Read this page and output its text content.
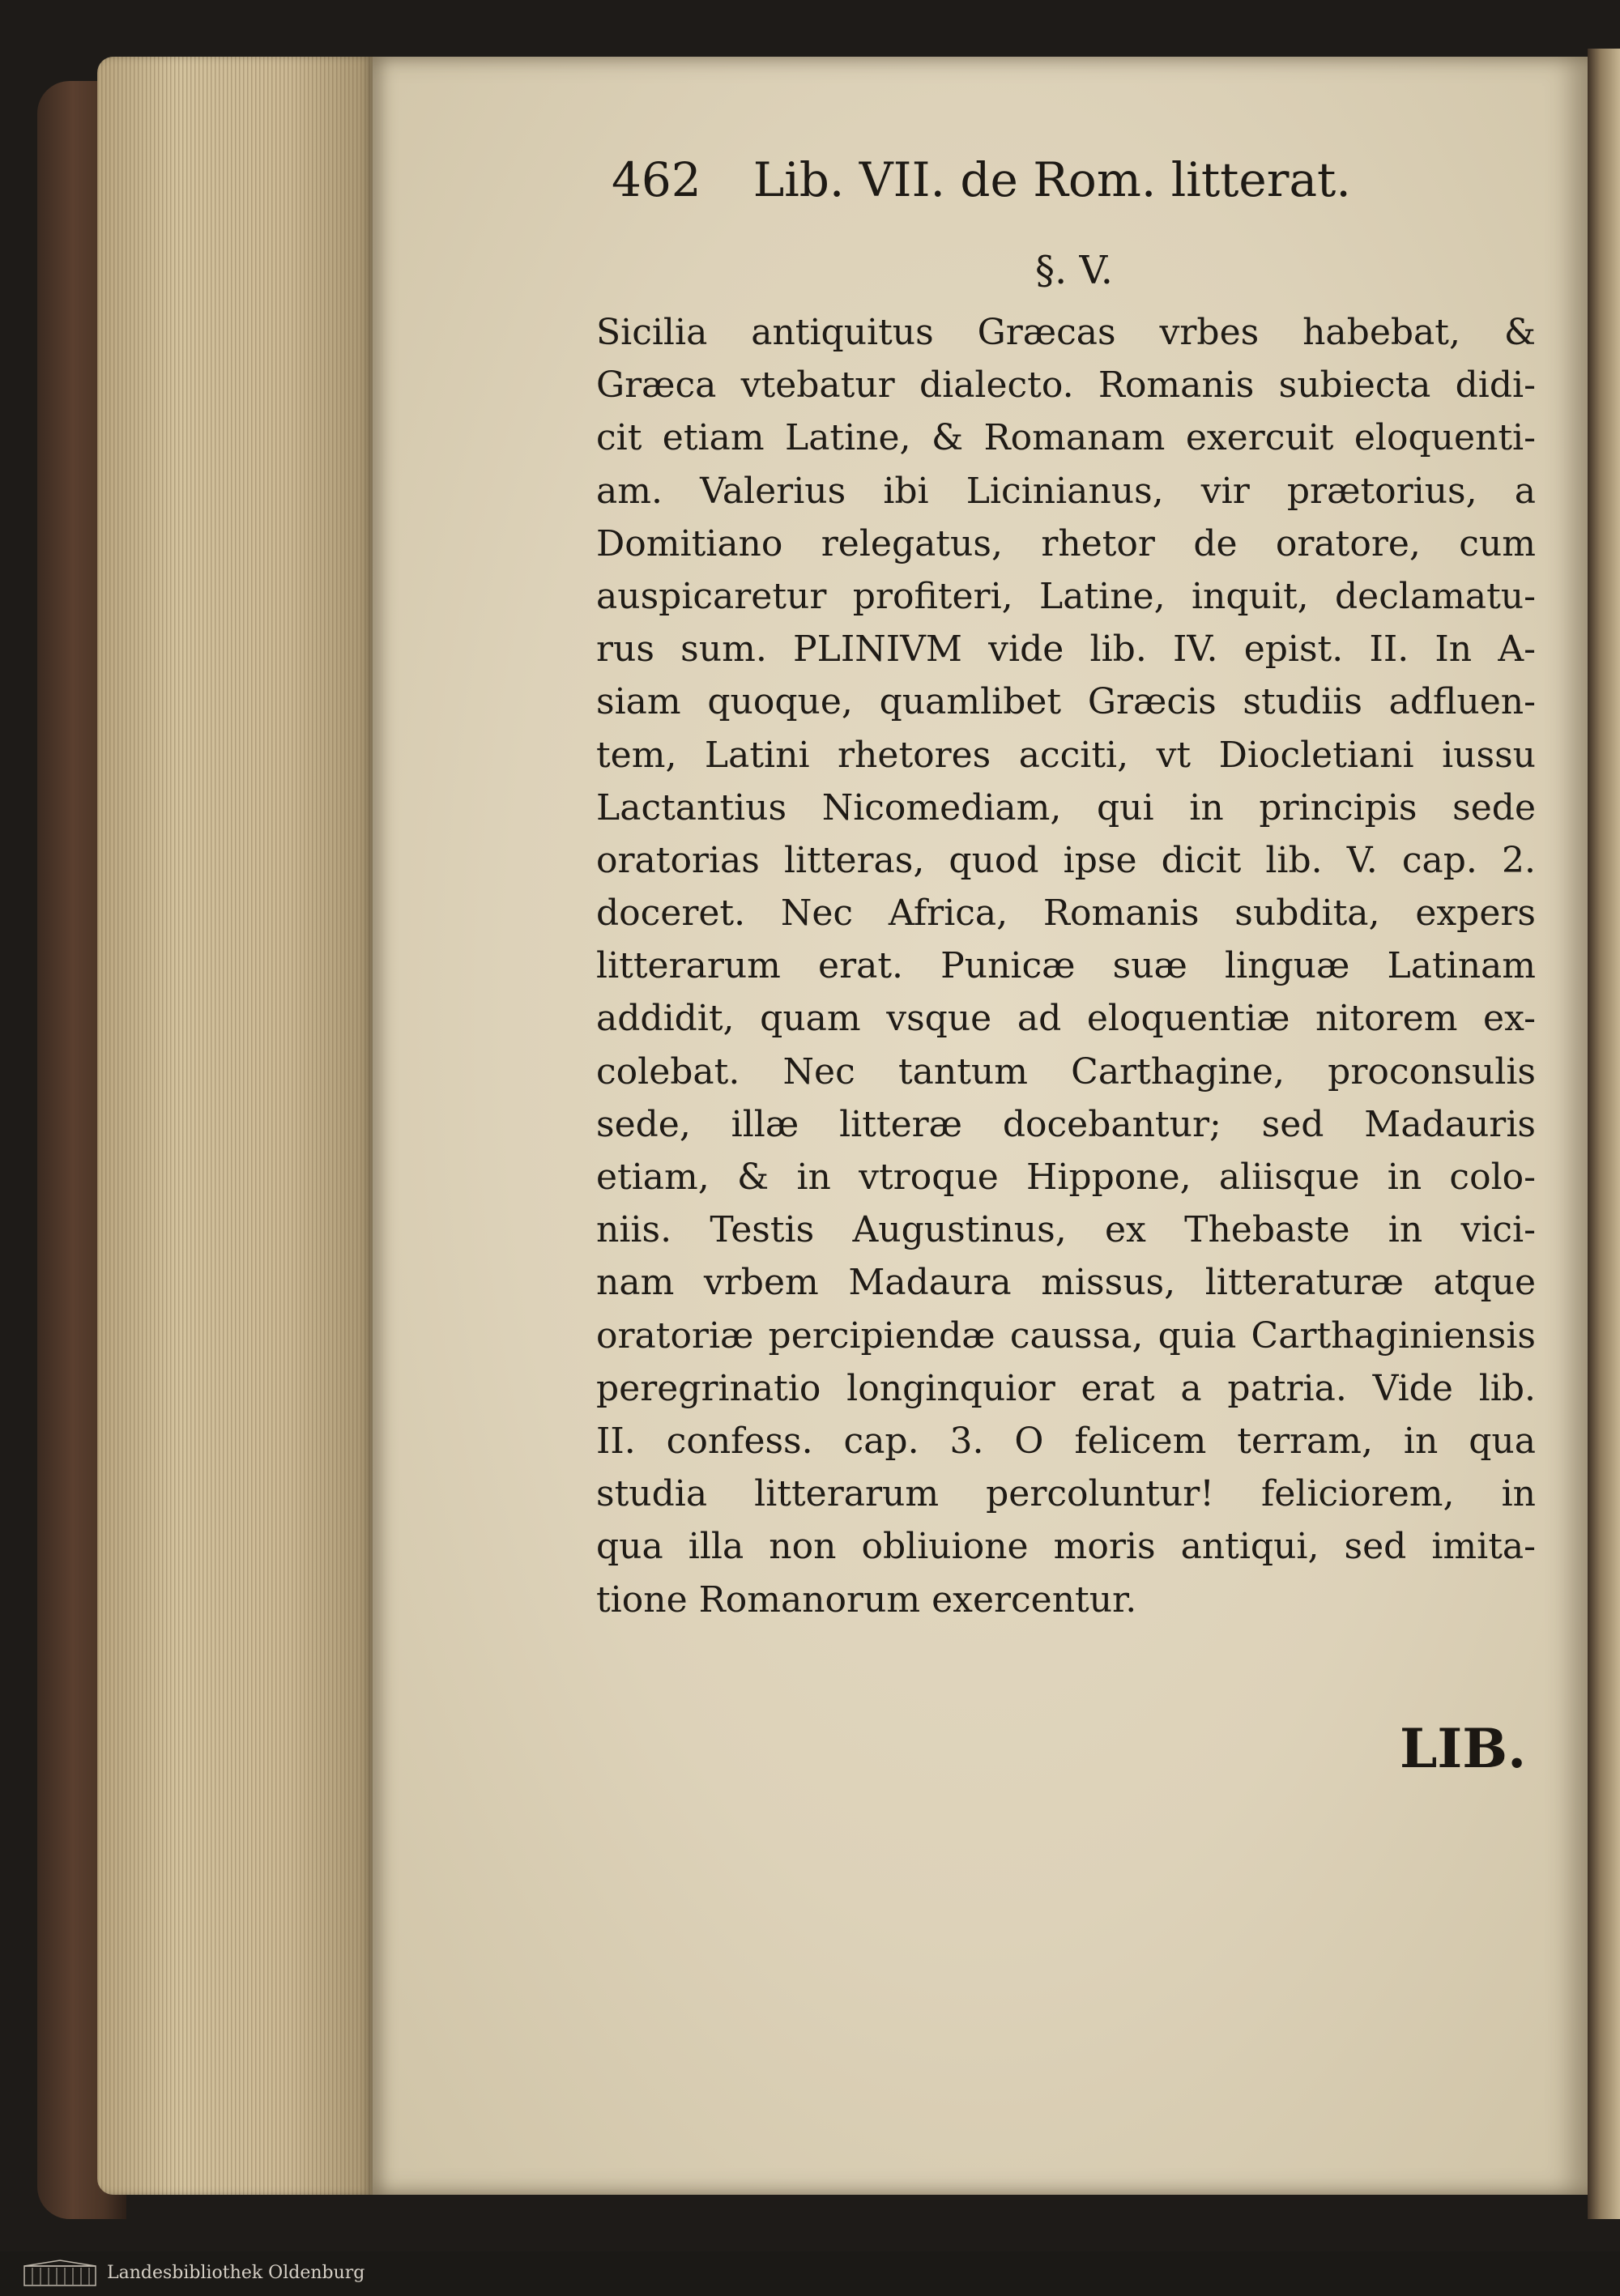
462 Lib. VII. de Rom. litterat.
§. V.
Sicilia antiquitus Græcas vrbes habebat, &
Græca vtebatur dialecto. Romanis subiecta didi-
cit etiam Latine, & Romanam exercuit eloquenti-
am. Valerius ibi Licinianus, vir prætorius, a
Domitiano relegatus, rhetor de oratore, cum
auspicaretur profiteri, Latine, inquit, declamatu-
rus sum. PLINIVM vide lib. IV. epist. II. In A-
siam quoque, quamlibet Græcis studiis adfluen-
tem, Latini rhetores acciti, vt Diocletiani iussu
Lactantius Nicomediam, qui in principis sede
oratorias litteras, quod ipse dicit lib. V. cap. 2.
doceret. Nec Africa, Romanis subdita, expers
litterarum erat. Punicæ suæ linguæ Latinam
addidit, quam vsque ad eloquentiæ nitorem ex-
colebat. Nec tantum Carthagine, proconsulis
sede, illæ litteræ docebantur; sed Madauris
etiam, & in vtroque Hippone, aliisque in colo-
niis. Testis Augustinus, ex Thebaste in vici-
nam vrbem Madaura missus, litteraturæ atque
oratoriæ percipiendæ caussa, quia Carthaginiensis
peregrinatio longinquior erat a patria. Vide lib.
II. confess. cap. 3. O felicem terram, in qua
studia litterarum percoluntur! feliciorem, in
qua illa non obliuione moris antiqui, sed imita-
tione Romanorum exercentur.
LIB.
Landesbibliothek Oldenburg
